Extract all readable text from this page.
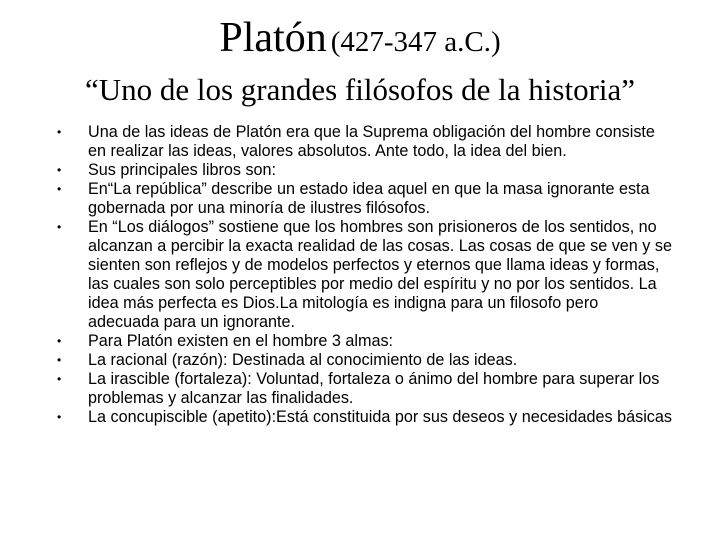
Platón (427-347 a.C.)
“Uno de los grandes filósofos de la historia”
• Una de las ideas de Platón era que la Suprema obligación del hombre consiste en realizar las ideas, valores absolutos. Ante todo, la idea del bien.
• Sus principales libros son:
• En“La república” describe un estado idea aquel en que la masa ignorante esta gobernada por una minoría de ilustres filósofos.
• En “Los diálogos” sostiene que los hombres son prisioneros de los sentidos, no alcanzan a percibir la exacta realidad de las cosas. Las cosas de que se ven y se sienten son reflejos y de modelos perfectos y eternos que llama ideas y formas, las cuales son solo perceptibles por medio del espíritu y no por los sentidos. La idea más perfecta es Dios.La mitología es indigna para un filosofo pero adecuada para un ignorante.
• Para Platón existen en el hombre 3 almas:
• La racional (razón): Destinada al conocimiento de las ideas.
• La irascible (fortaleza): Voluntad, fortaleza o ánimo del hombre para superar los problemas y alcanzar las finalidades.
• La concupiscible (apetito):Está constituida por sus deseos y necesidades básicas
